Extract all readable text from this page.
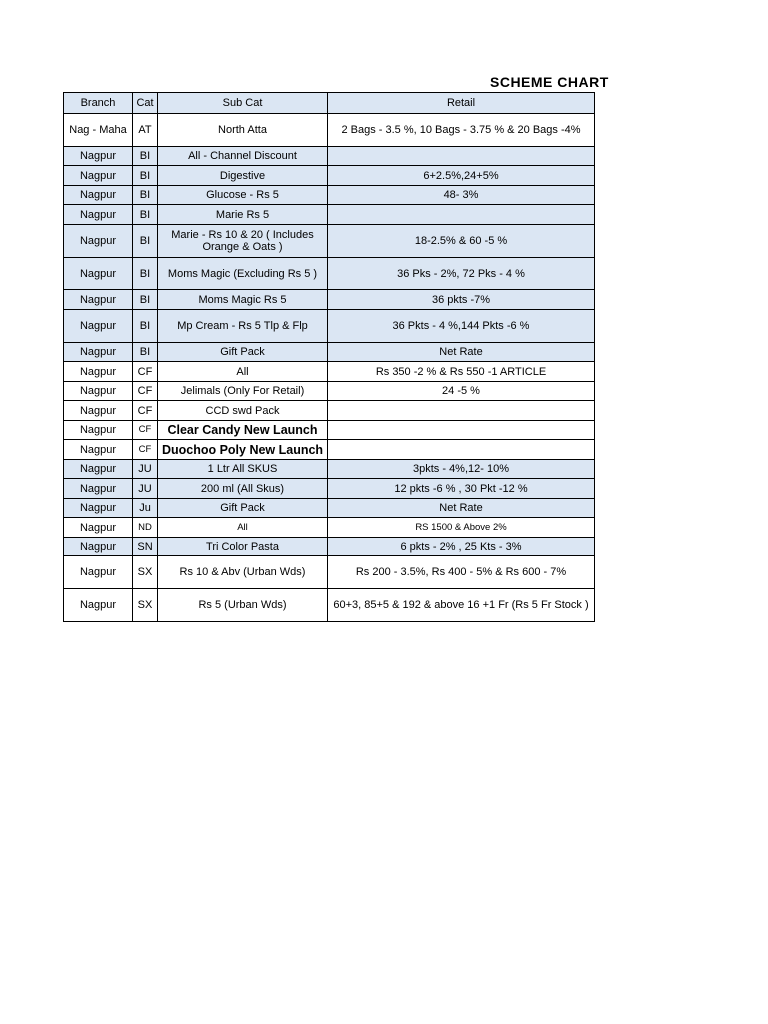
SCHEME CHART
Branch	Cat	Sub Cat	Retail
Nag - Maha	AT	North Atta	2 Bags - 3.5 %, 10 Bags - 3.75 % & 20 Bags -4%
Nagpur	BI	All - Channel Discount	
Nagpur	BI	Digestive	6+2.5%,24+5%
Nagpur	BI	Glucose - Rs 5	48- 3%
Nagpur	BI	Marie Rs 5	
Nagpur	BI	Marie - Rs 10 & 20 ( Includes Orange & Oats )	18-2.5% & 60 -5 %
Nagpur	BI	Moms Magic (Excluding Rs 5 )	36 Pks - 2%, 72 Pks - 4 %
Nagpur	BI	Moms Magic Rs 5	36 pkts -7%
Nagpur	BI	Mp Cream - Rs 5 Tlp & Flp	36 Pkts - 4 %,144 Pkts -6 %
Nagpur	BI	Gift Pack	Net Rate
Nagpur	CF	All	Rs 350 -2 % & Rs 550 -1 ARTICLE
Nagpur	CF	Jelimals (Only For Retail)	24 -5 %
Nagpur	CF	CCD swd Pack	
Nagpur	CF	Clear Candy New Launch	
Nagpur	CF	Duochoo Poly New Launch	
Nagpur	JU	1 Ltr All SKUS	3pkts - 4%,12- 10%
Nagpur	JU	200 ml (All Skus)	12 pkts -6 % , 30 Pkt -12 %
Nagpur	Ju	Gift Pack	Net Rate
Nagpur	ND	All	RS 1500 & Above 2%
Nagpur	SN	Tri Color Pasta	6 pkts - 2% , 25 Kts - 3%
Nagpur	SX	Rs 10 & Abv (Urban Wds)	Rs 200 - 3.5%, Rs 400 - 5% & Rs 600 - 7%
Nagpur	SX	Rs 5 (Urban Wds)	60+3, 85+5 & 192 & above 16 +1 Fr (Rs 5 Fr Stock )
